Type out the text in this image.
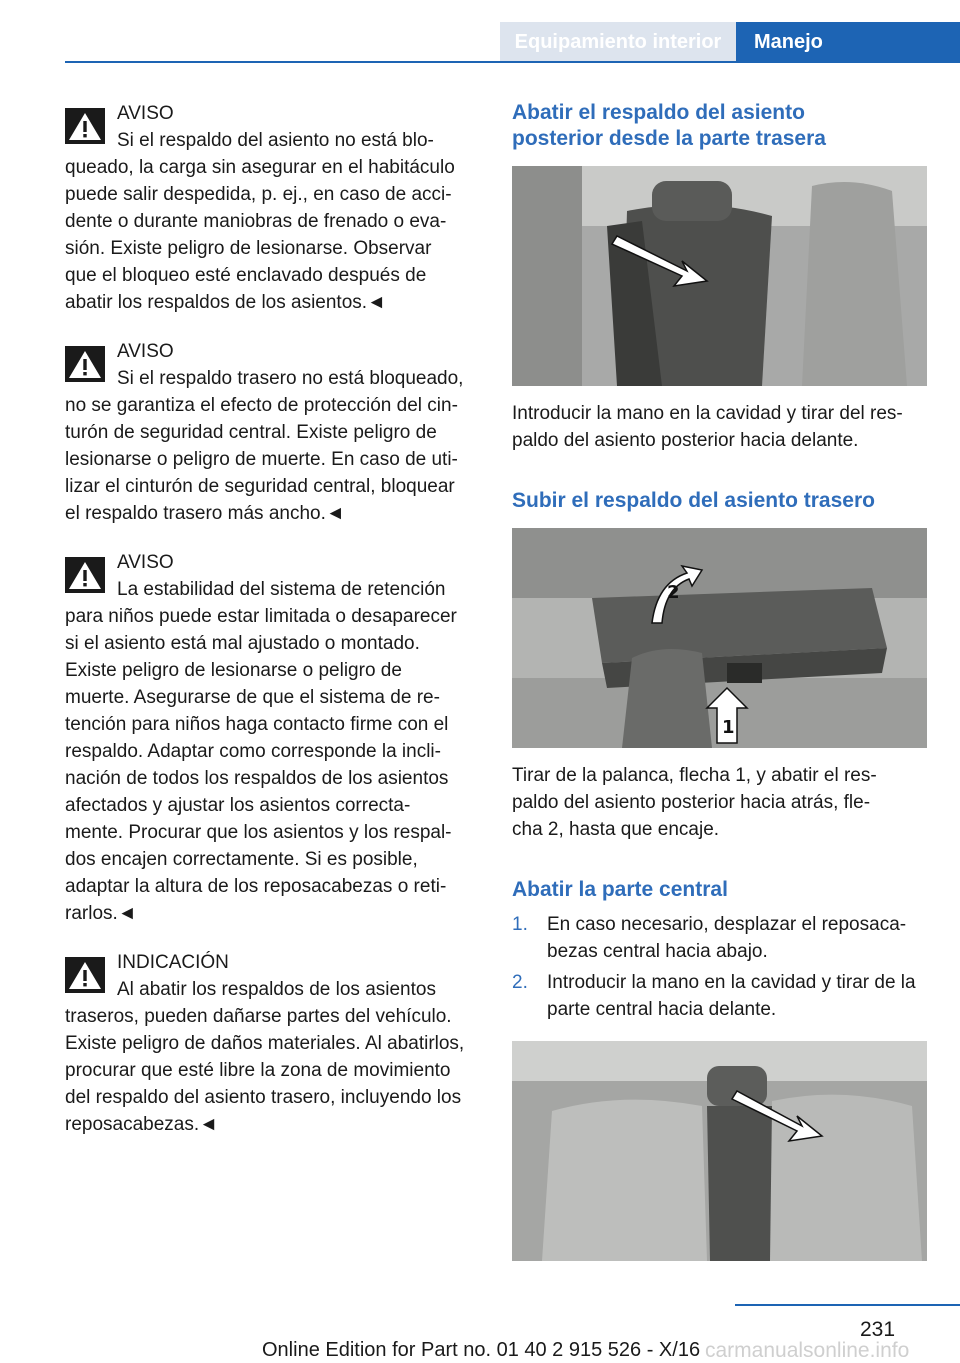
Equipamiento interior	Manejo
AVISO
Si el respaldo del asiento no está blo-
queado, la carga sin asegurar en el habitáculo
puede salir despedida, p. ej., en caso de acci-
dente o durante maniobras de frenado o eva-
sión. Existe peligro de lesionarse. Observar
que el bloqueo esté enclavado después de
abatir los respaldos de los asientos.◄
AVISO
Si el respaldo trasero no está bloqueado,
no se garantiza el efecto de protección del cin-
turón de seguridad central. Existe peligro de
lesionarse o peligro de muerte. En caso de uti-
lizar el cinturón de seguridad central, bloquear
el respaldo trasero más ancho.◄
AVISO
La estabilidad del sistema de retención
para niños puede estar limitada o desaparecer
si el asiento está mal ajustado o montado.
Existe peligro de lesionarse o peligro de
muerte. Asegurarse de que el sistema de re-
tención para niños haga contacto firme con el
respaldo. Adaptar como corresponde la incli-
nación de todos los respaldos de los asientos
afectados y ajustar los asientos correcta-
mente. Procurar que los asientos y los respal-
dos encajen correctamente. Si es posible,
adaptar la altura de los reposacabezas o reti-
rarlos.◄
INDICACIÓN
Al abatir los respaldos de los asientos
traseros, pueden dañarse partes del vehículo.
Existe peligro de daños materiales. Al abatirlos,
procurar que esté libre la zona de movimiento
del respaldo del asiento trasero, incluyendo los
reposacabezas.◄
Abatir el respaldo del asiento
posterior desde la parte trasera
Introducir la mano en la cavidad y tirar del res-
paldo del asiento posterior hacia delante.
Subir el respaldo del asiento trasero
2
1
Tirar de la palanca, flecha 1, y abatir el res-
paldo del asiento posterior hacia atrás, fle-
cha 2, hasta que encaje.
Abatir la parte central
1. En caso necesario, desplazar el reposaca-
bezas central hacia abajo.
2. Introducir la mano en la cavidad y tirar de la
parte central hacia delante.
231
Online Edition for Part no. 01 40 2 915 526 - X/16 carmanualsonline.info
